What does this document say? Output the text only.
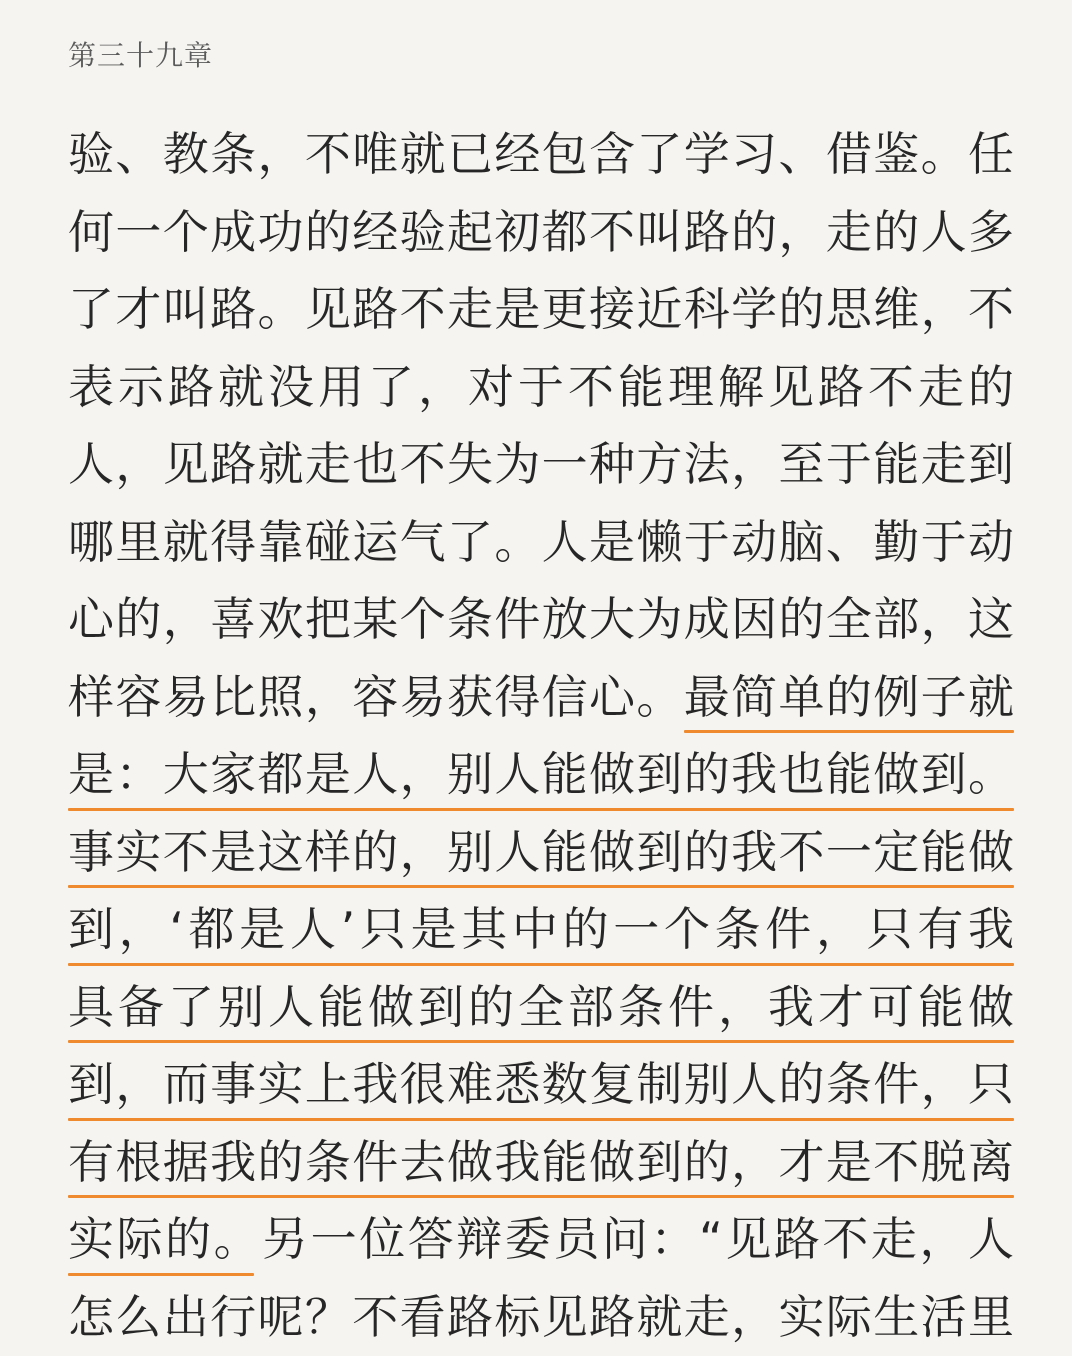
第三十九章
验、教条，不唯就已经包含了学习、借鉴。任
何一个成功的经验起初都不叫路的，走的人多
了才叫路。见路不走是更接近科学的思维，不
表示路就没用了，对于不能理解见路不走的
人，见路就走也不失为一种方法，至于能走到
哪里就得靠碰运气了。人是懒于动脑、勤于动
心的，喜欢把某个条件放大为成因的全部，这
样容易比照，容易获得信心。最简单的例子就
是：大家都是人，别人能做到的我也能做到。
事实不是这样的，别人能做到的我不一定能做
到，‘都是人’只是其中的一个条件，只有我
具备了别人能做到的全部条件，我才可能做
到，而事实上我很难悉数复制别人的条件，只
有根据我的条件去做我能做到的，才是不脱离
实际的。另一位答辩委员问：“见路不走，人
怎么出行呢？不看路标见路就走，实际生活里
